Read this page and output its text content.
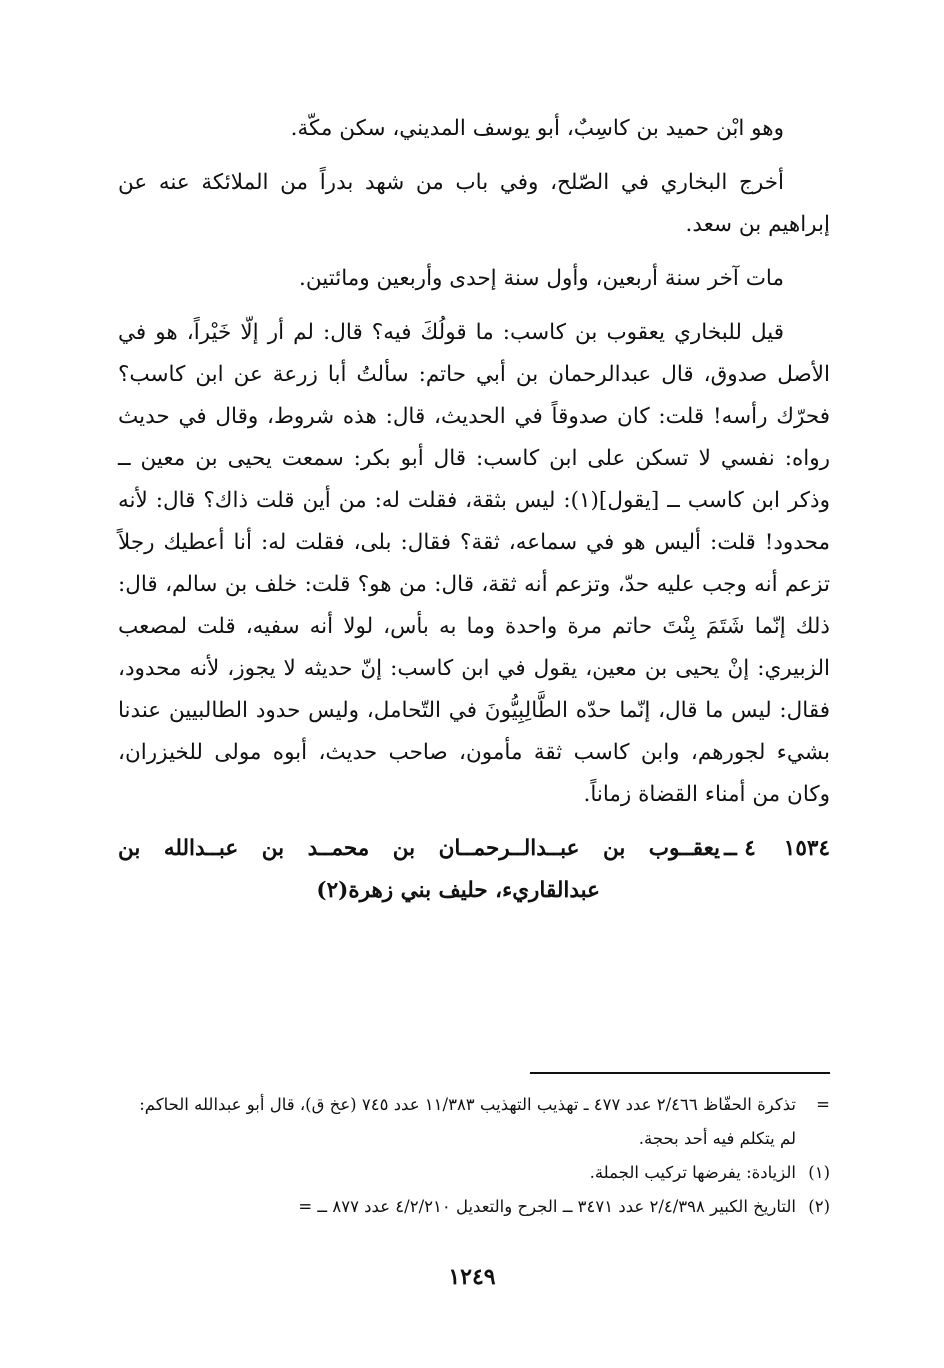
وهو ابْن حميد بن كاسِبٌ، أبو يوسف المديني، سكن مكّة.

أخرج البخاري في الصّلح، وفي باب من شهد بدراً من الملائكة عنه عن إبراهيم بن سعد.

مات آخر سنة أربعين، وأول سنة إحدى وأربعين ومائتين.

قيل للبخاري يعقوب بن كاسب: ما قولُكَ فيه؟ قال: لم أر إلّا خَيْراً، هو في الأصل صدوق، قال عبدالرحمان بن أبي حاتم: سألتُ أبا زرعة عن ابن كاسب؟ فحرّك رأسه! قلت: كان صدوقاً في الحديث، قال: هذه شروط، وقال في حديث رواه: نفسي لا تسكن على ابن كاسب: قال أبو بكر: سمعت يحيى بن معين ــ وذكر ابن كاسب ــ [يقول](١): ليس بثقة، فقلت له: من أين قلت ذاك؟ قال: لأنه محدود! قلت: أليس هو في سماعه، ثقة؟ فقال: بلى، فقلت له: أنا أعطيك رجلاً تزعم أنه وجب عليه حدّ، وتزعم أنه ثقة، قال: من هو؟ قلت: خلف بن سالم، قال: ذلك إنّما شَتَمَ بِنْتَ حاتم مرة واحدة وما به بأس، لولا أنه سفيه، قلت لمصعب الزبيري: إنْ يحيى بن معين، يقول في ابن كاسب: إنّ حديثه لا يجوز، لأنه محدود، فقال: ليس ما قال، إنّما حدّه الطَّالِبِيُّونَ في التّحامل، وليس حدود الطالبيين عندنا بشيء لجورهم، وابن كاسب ثقة مأمون، صاحب حديث، أبوه مولى للخيزران، وكان من أمناء القضاة زماناً.

١٥٣٤
٤ ــ
يعقــوب بن عبــدالــرحمــان بن محمــد بن عبــدالله بن
عبدالقاريء، حليف بني زهرة(٢)
=
تذكرة الحفّاظ ٢/٤٦٦ عدد ٤٧٧ ـ تهذيب التهذيب ١١/٣٨٣ عدد ٧٤٥ (عخ ق)، قال أبو عبدالله الحاكم: لم يتكلم فيه أحد بحجة.
(١)
الزيادة: يفرضها تركيب الجملة.
(٢)
التاريخ الكبير ٢/٤/٣٩٨ عدد ٣٤٧١ ــ الجرح والتعديل ٤/٢/٢١٠ عدد ٨٧٧ ــ =
١٢٤٩
